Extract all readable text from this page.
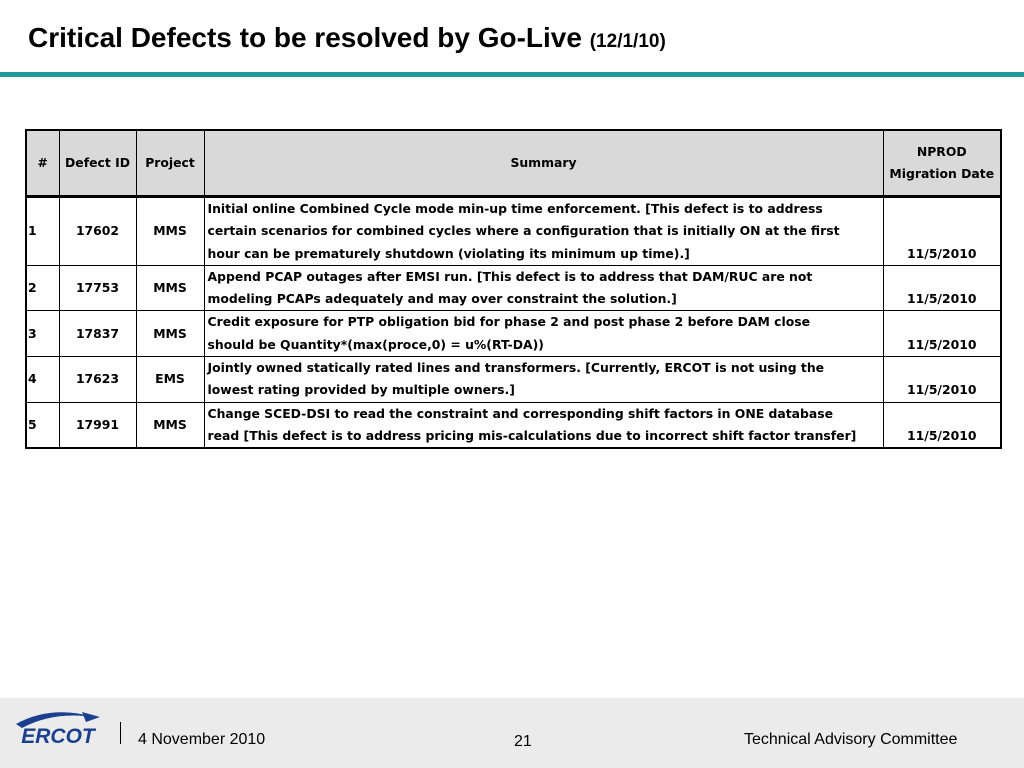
Critical Defects to be resolved by Go-Live (12/1/10)
#	Defect ID	Project	Summary	NPROD
Migration Date

1	17602	MMS	Initial online Combined Cycle mode min-up time enforcement. [This defect is to address
certain scenarios for combined cycles where a configuration that is initially ON at the first
hour can be prematurely shutdown (violating its minimum up time).]	11/5/2010
2	17753	MMS	Append PCAP outages after EMSI run. [This defect is to address that DAM/RUC are not
modeling PCAPs adequately and may over constraint the solution.]	11/5/2010
3	17837	MMS	Credit exposure for PTP obligation bid for phase 2 and post phase 2 before DAM close
should be Quantity*(max(proce,0) = u%(RT-DA))	11/5/2010
4	17623	EMS	Jointly owned statically rated lines and transformers. [Currently, ERCOT is not using the
lowest rating provided by multiple owners.]	11/5/2010
5	17991	MMS	Change SCED-DSI to read the constraint and corresponding shift factors in ONE database
read [This defect is to address pricing mis-calculations due to incorrect shift factor transfer]	11/5/2010
ERCOT	4 November 2010	21	Technical Advisory Committee
